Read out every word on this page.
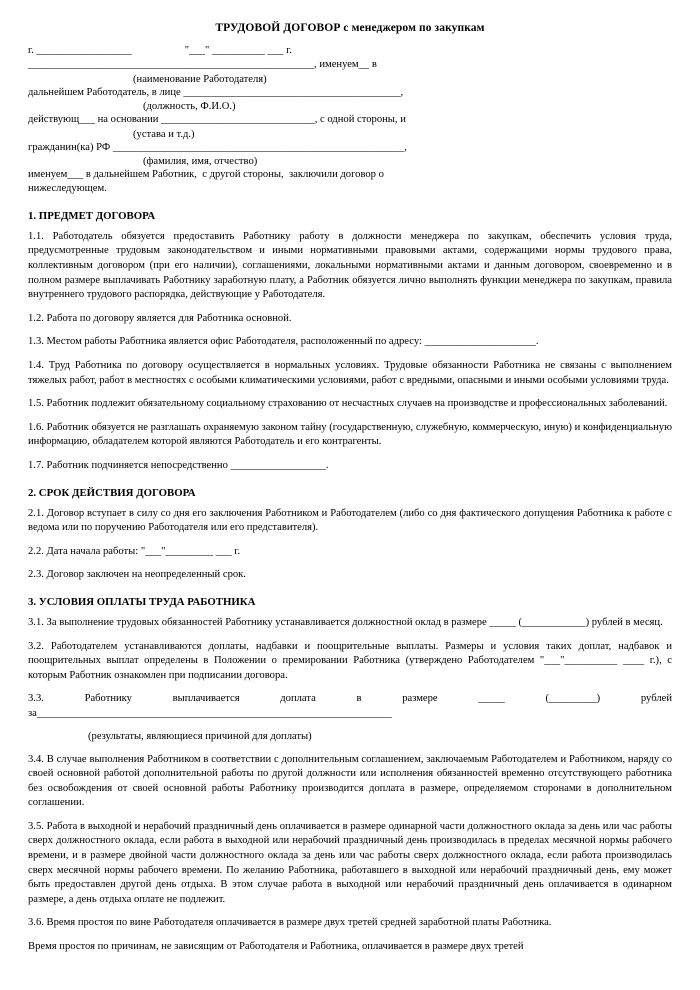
ТРУДОВОЙ ДОГОВОР с менеджером по закупкам
г. __________________                    "___" __________ ___ г.
______________________________________________________, именуем__ в
(наименование Работодателя)
дальнейшем Работодатель, в лице _________________________________________,
(должность, Ф.И.О.)
действующ___ на основании _____________________________, с одной стороны, и
(устава и т.д.)
гражданин(ка) РФ _______________________________________________________,
(фамилия, имя, отчество)
именуем___ в дальнейшем Работник,  с другой стороны,  заключили договор о
нижеследующем.
1. ПРЕДМЕТ ДОГОВОРА

1.1. Работодатель обязуется предоставить Работнику работу в должности менеджера по закупкам, обеспечить условия труда, предусмотренные трудовым законодательством и иными нормативными правовыми актами, содержащими нормы трудового права, коллективным договором (при его наличии), соглашениями, локальными нормативными актами и данным договором, своевременно и в полном размере выплачивать Работнику заработную плату, а Работник обязуется лично выполнять функции менеджера по закупкам, правила внутреннего трудового распорядка, действующие у Работодателя.

1.2. Работа по договору является для Работника основной.

1.3. Местом работы Работника является офис Работодателя, расположенный по адресу: _____________________.

1.4. Труд Работника по договору осуществляется в нормальных условиях. Трудовые обязанности Работника не связаны с выполнением тяжелых работ, работ в местностях с особыми климатическими условиями, работ с вредными, опасными и иными особыми условиями труда.

1.5. Работник подлежит обязательному социальному страхованию от несчастных случаев на производстве и профессиональных заболеваний.

1.6. Работник обязуется не разглашать охраняемую законом тайну (государственную, служебную, коммерческую, иную) и конфиденциальную информацию, обладателем которой являются Работодатель и его контрагенты.

1.7. Работник подчиняется непосредственно __________________.

2. СРОК ДЕЙСТВИЯ ДОГОВОРА

2.1. Договор вступает в силу со дня его заключения Работником и Работодателем (либо со дня фактического допущения Работника к работе с ведома или по поручению Работодателя или его представителя).

2.2. Дата начала работы: "___"_________ ___ г.

2.3. Договор заключен на неопределенный срок.

3. УСЛОВИЯ ОПЛАТЫ ТРУДА РАБОТНИКА

3.1. За выполнение трудовых обязанностей Работнику устанавливается должностной оклад в размере _____ (____________) рублей в месяц.

3.2. Работодателем устанавливаются доплаты, надбавки и поощрительные выплаты. Размеры и условия таких доплат, надбавок и поощрительных выплат определены в Положении о премировании Работника (утверждено Работодателем "___"__________ ____ г.), с которым Работник ознакомлен при подписании договора.

3.3. Работнику выплачивается доплата в размере _____ (_________) рублей за___________________________________________________________________

(результаты, являющиеся причиной для доплаты)

3.4. В случае выполнения Работником в соответствии с дополнительным соглашением, заключаемым Работодателем и Работником, наряду со своей основной работой дополнительной работы по другой должности или исполнения обязанностей временно отсутствующего работника без освобождения от своей основной работы Работнику производится доплата в размере, определяемом сторонами в дополнительном соглашении.

3.5. Работа в выходной и нерабочий праздничный день оплачивается в размере одинарной части должностного оклада за день или час работы сверх должностного оклада, если работа в выходной или нерабочий праздничный день производилась в пределах месячной нормы рабочего времени, и в размере двойной части должностного оклада за день или час работы сверх должностного оклада, если работа производилась сверх месячной нормы рабочего времени. По желанию Работника, работавшего в выходной или нерабочий праздничный день, ему может быть предоставлен другой день отдыха. В этом случае работа в выходной или нерабочий праздничный день оплачивается в одинарном размере, а день отдыха оплате не подлежит.

3.6. Время простоя по вине Работодателя оплачивается в размере двух третей средней заработной платы Работника.

Время простоя по причинам, не зависящим от Работодателя и Работника, оплачивается в размере двух третей
